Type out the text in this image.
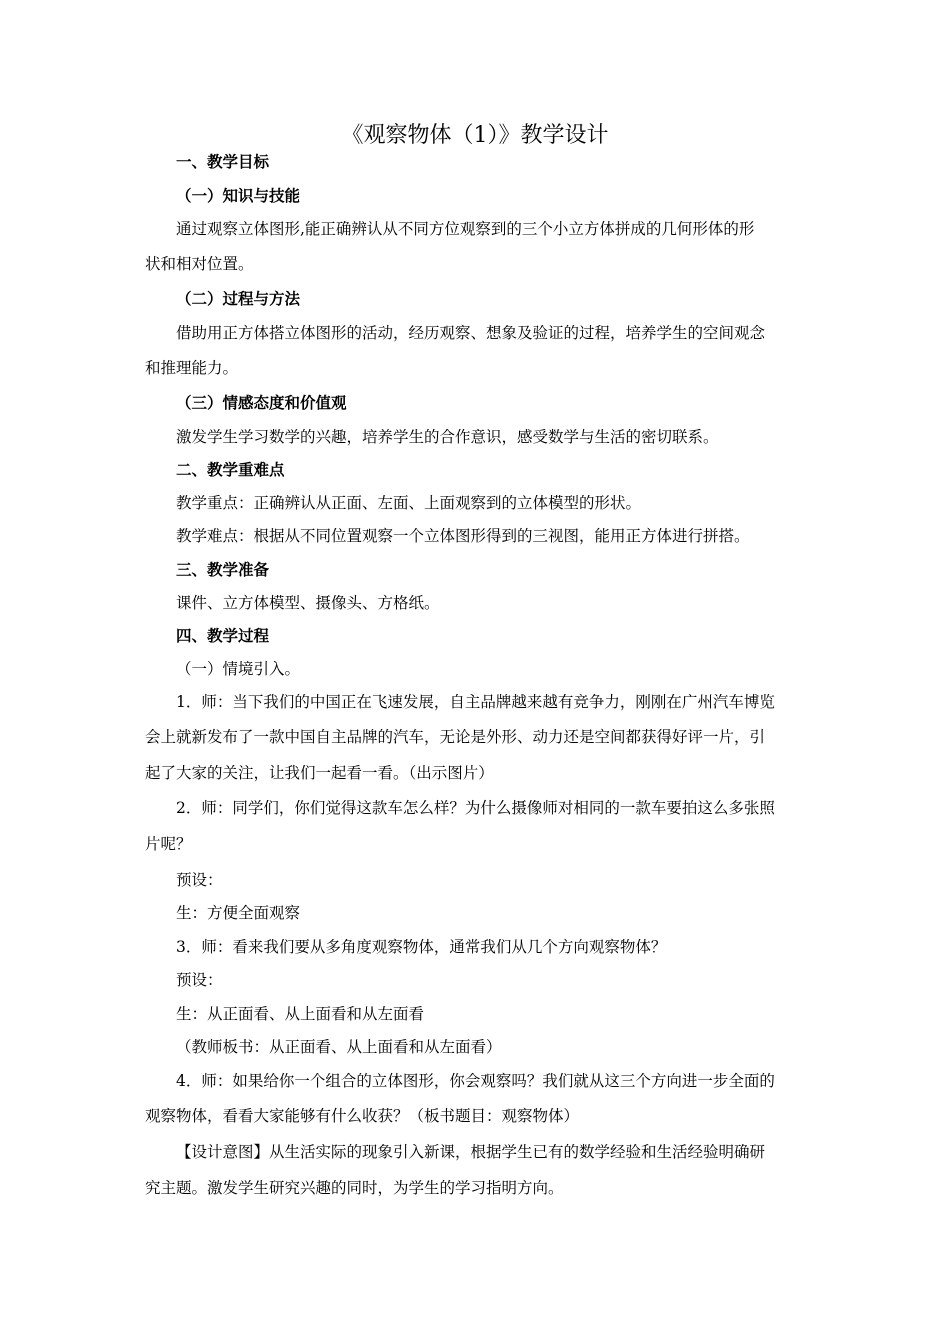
《观察物体（1）》教学设计
一、教学目标
（一）知识与技能
通过观察立体图形,能正确辨认从不同方位观察到的三个小立方体拼成的几何形体的形
状和相对位置。
（二）过程与方法
借助用正方体搭立体图形的活动，经历观察、想象及验证的过程，培养学生的空间观念
和推理能力。
（三）情感态度和价值观
激发学生学习数学的兴趣，培养学生的合作意识，感受数学与生活的密切联系。
二、教学重难点
教学重点：正确辨认从正面、左面、上面观察到的立体模型的形状。
教学难点：根据从不同位置观察一个立体图形得到的三视图，能用正方体进行拼搭。
三、教学准备
课件、立方体模型、摄像头、方格纸。
四、教学过程
（一）情境引入。
1．师：当下我们的中国正在飞速发展，自主品牌越来越有竞争力，刚刚在广州汽车博览
会上就新发布了一款中国自主品牌的汽车，无论是外形、动力还是空间都获得好评一片，引
起了大家的关注，让我们一起看一看。（出示图片）
2．师：同学们，你们觉得这款车怎么样？为什么摄像师对相同的一款车要拍这么多张照
片呢？
预设：
生：方便全面观察
3．师：看来我们要从多角度观察物体，通常我们从几个方向观察物体？
预设：
生：从正面看、从上面看和从左面看
（教师板书：从正面看、从上面看和从左面看）
4．师：如果给你一个组合的立体图形，你会观察吗？我们就从这三个方向进一步全面的
观察物体，看看大家能够有什么收获？（板书题目：观察物体）
【设计意图】从生活实际的现象引入新课，根据学生已有的数学经验和生活经验明确研
究主题。激发学生研究兴趣的同时，为学生的学习指明方向。
